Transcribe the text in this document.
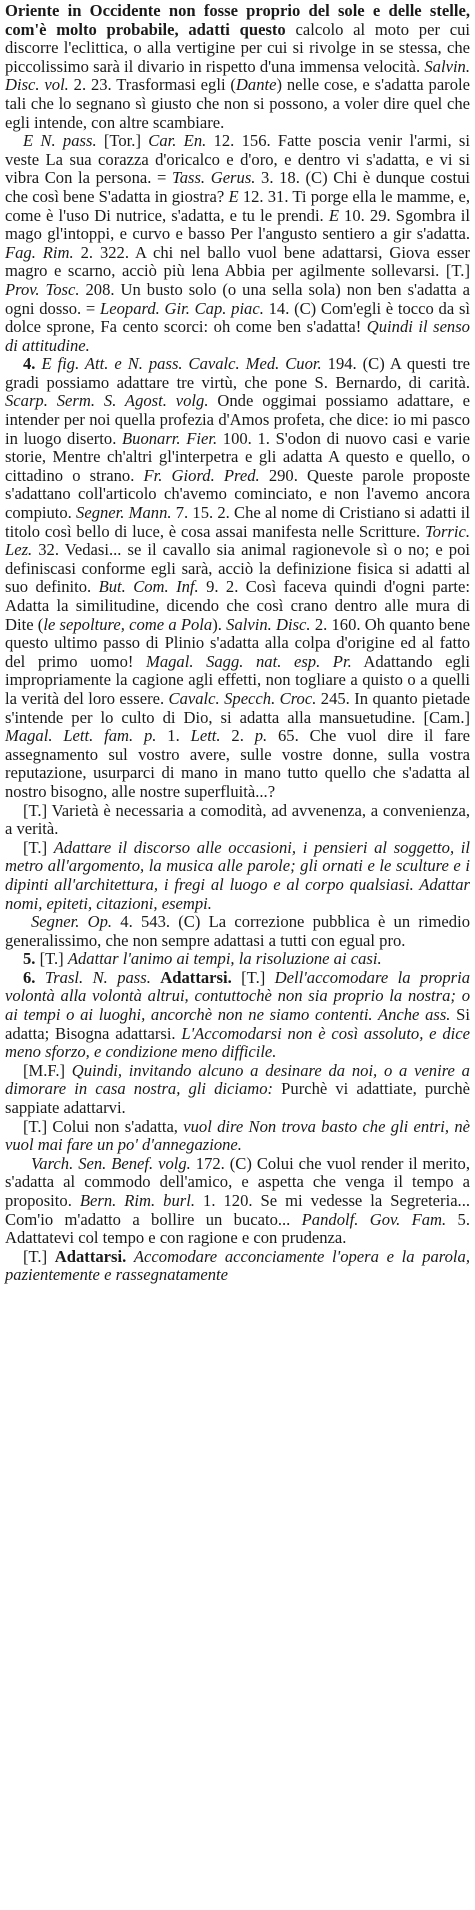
Oriente in Occidente non fosse proprio del sole e delle stelle, com'è molto probabile, adatti questo calcolo al moto per cui discorre l'eclittica, o alla vertigine per cui si rivolge in se stessa, che piccolissimo sarà il divario in rispetto d'una immensa velocità. Salvin. Disc. vol. 2. 23. Trasformasi egli (Dante) nelle cose, e s'adatta parole tali che lo segnano sì giusto che non si possono, a voler dire quel che egli intende, con altre scambiare.

E N. pass. [Tor.] Car. En. 12. 156. Fatte poscia venir l'armi, si veste La sua corazza d'oricalco e d'oro, e dentro vi s'adatta, e vi si vibra Con la persona. = Tass. Gerus. 3. 18. (C) Chi è dunque costui che così bene S'adatta in giostra? E 12. 31. Ti porge ella le mamme, e, come è l'uso Di nutrice, s'adatta, e tu le prendi. E 10. 29. Sgombra il mago gl'intoppi, e curvo e basso Per l'angusto sentiero a gir s'adatta. Fag. Rim. 2. 322. A chi nel ballo vuol bene adattarsi, Giova esser magro e scarno, acciò più lena Abbia per agilmente sollevarsi. [T.] Prov. Tosc. 208. Un busto solo (o una sella sola) non ben s'adatta a ogni dosso. = Leopard. Gir. Cap. piac. 14. (C) Com'egli è tocco da sì dolce sprone, Fa cento scorci: oh come ben s'adatta! Quindi il senso di attitudine.

4. E fig. Att. e N. pass. Cavalc. Med. Cuor. 194. (C) A questi tre gradi possiamo adattare tre virtù, che pone S. Bernardo, di carità. Scarp. Serm. S. Agost. volg. Onde oggimai possiamo adattare, e intender per noi quella profezia d'Amos profeta, che dice: io mi pasco in luogo diserto. Buonarr. Fier. 100. 1. S'odon di nuovo casi e varie storie, Mentre ch'altri gl'interpetra e gli adatta A questo e quello, o cittadino o strano. Fr. Giord. Pred. 290. Queste parole proposte s'adattano coll'articolo ch'avemo cominciato, e non l'avemo ancora compiuto. Segner. Mann. 7. 15. 2. Che al nome di Cristiano si adatti il titolo così bello di luce, è cosa assai manifesta nelle Scritture. Torric. Lez. 32. Vedasi... se il cavallo sia animal ragionevole sì o no; e poi definiscasi conforme egli sarà, acciò la definizione fisica si adatti al suo definito. But. Com. Inf. 9. 2. Così faceva quindi d'ogni parte: Adatta la similitudine, dicendo che così crano dentro alle mura di Dite (le sepolture, come a Pola). Salvin. Disc. 2. 160. Oh quanto bene questo ultimo passo di Plinio s'adatta alla colpa d'origine ed al fatto del primo uomo! Magal. Sagg. nat. esp. Pr. Adattando egli impropriamente la cagione agli effetti, non togliare a quisto o a quelli la verità del loro essere. Cavalc. Specch. Croc. 245. In quanto pietade s'intende per lo culto di Dio, si adatta alla mansuetudine. [Cam.] Magal. Lett. fam. p. 1. Lett. 2. p. 65. Che vuol dire il fare assegnamento sul vostro avere, sulle vostre donne, sulla vostra reputazione, usurparci di mano in mano tutto quello che s'adatta al nostro bisogno, alle nostre superfluità...?

[T.] Varietà è necessaria a comodità, ad avvenenza, a convenienza, a verità.

[T.] Adattare il discorso alle occasioni, i pensieri al soggetto, il metro all'argomento, la musica alle parole; gli ornati e le sculture e i dipinti all'architettura, i fregi al luogo e al corpo qualsiasi. Adattar nomi, epiteti, citazioni, esempi.

Segner. Op. 4. 543. (C) La correzione pubblica è un rimedio generalissimo, che non sempre adattasi a tutti con egual pro.

5. [T.] Adattar l'animo ai tempi, la risoluzione ai casi.

6. Trasl. N. pass. Adattarsi. [T.] Dell'accomodare la propria volontà alla volontà altrui, contuttochè non sia proprio la nostra; o ai tempi o ai luoghi, ancorchè non ne siamo contenti. Anche ass. Si adatta; Bisogna adattarsi. L'Accomodarsi non è così assoluto, e dice meno sforzo, e condizione meno difficile.

[M.F.] Quindi, invitando alcuno a desinare da noi, o a venire a dimorare in casa nostra, gli diciamo: Purchè vi adattiate, purchè sappiate adattarvi.

[T.] Colui non s'adatta, vuol dire Non trova basto che gli entri, nè vuol mai fare un po' d'annegazione.

Varch. Sen. Benef. volg. 172. (C) Colui che vuol render il merito, s'adatta al commodo dell'amico, e aspetta che venga il tempo a proposito. Bern. Rim. burl. 1. 120. Se mi vedesse la Segreteria... Com'io m'adatto a bollire un bucato... Pandolf. Gov. Fam. 5. Adattatevi col tempo e con ragione e con prudenza.

[T.] Adattarsi. Accomodare acconciamente l'opera e la parola, pazientemente e rassegnatamente
